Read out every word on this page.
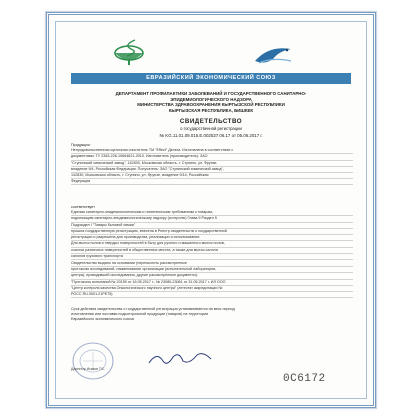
ЕВРАЗИЙСКИЙ ЭКОНОМИЧЕСКИЙ СОЮЗ
ДЕПАРТАМЕНТ ПРОФИЛАКТИКИ ЗАБОЛЕВАНИЙ И ГОСУДАРСТВЕННОГО САНИТАРНО-
ЭПИДЕМИОЛОГИЧЕСКОГО НАДЗОРА
МИНИСТЕРСТВА ЗДРАВООХРАНЕНИЯ КЫРГЫЗСКОЙ РЕСПУБЛИКИ
КЫРГЫЗСКАЯ РЕСПУБЛИКА, БИШКЕК
СВИДЕТЕЛЬСТВО
о государственной регистрации
№ KG.11.01.09.015.Е.002537.06.17 от 05.06.2017 г.
Продукция:
Непродовольственная щелочная очиститель ТМ "Effect" Дельта. Изготовлена в соответствии с
документами: ТУ 2383-226-10664621-2010. Изготовитель (производитель): ЗАО
"Ступинский химический завод", 142830, Московская область, г. Ступино, ул. Фрунзе,
владение 9/4, Российская Федерация. Получатель: ЗАО "Ступинский химический завод",
142830, Московская область, г. Ступино, ул. Фрунзе, владение 9/14, Российская
Федерация
соответствует
Единым санитарно-эпидемиологическим и гигиеническим требованиям к товарам,
подлежащим санитарно-эпидемиологическому надзору (контролю) Глава II Раздел 5
Подраздел I "Товары бытовой химии"
прошла государственную регистрацию, внесена в Реестр свидетельств о государственной
регистрации и разрешена для производства, реализации и использования
Для мытья полов и твердых поверхностей в быту для ручного и машинного мытья полов,
очистки различных поверхностей в общественных местах, а также для мытья салона
салонов грузового транспорта
Свидетельство выдано на основании (перечислить рассмотренные
протоколы исследований, наименование организации (испытательной лаборатории,
центра), проводившей исследования, другие рассмотренные документы):
"Протоколы испытаний № 20159 от 16.05.2017 г., № 23080-23081 от 31.05.2017 г. ИЛ ООО
"Центр контроля качества Онкологического научного центра" (аттестат аккредитации №
РОСС RU.0001.21РЕ75)
Срок действия свидетельства о государственной регистрации устанавливается на весь период
изготовления или поставки подконтрольной продукции (товаров) на территории
Евразийского экономического союза
Директор Исаков Т.Б.
0C6172
